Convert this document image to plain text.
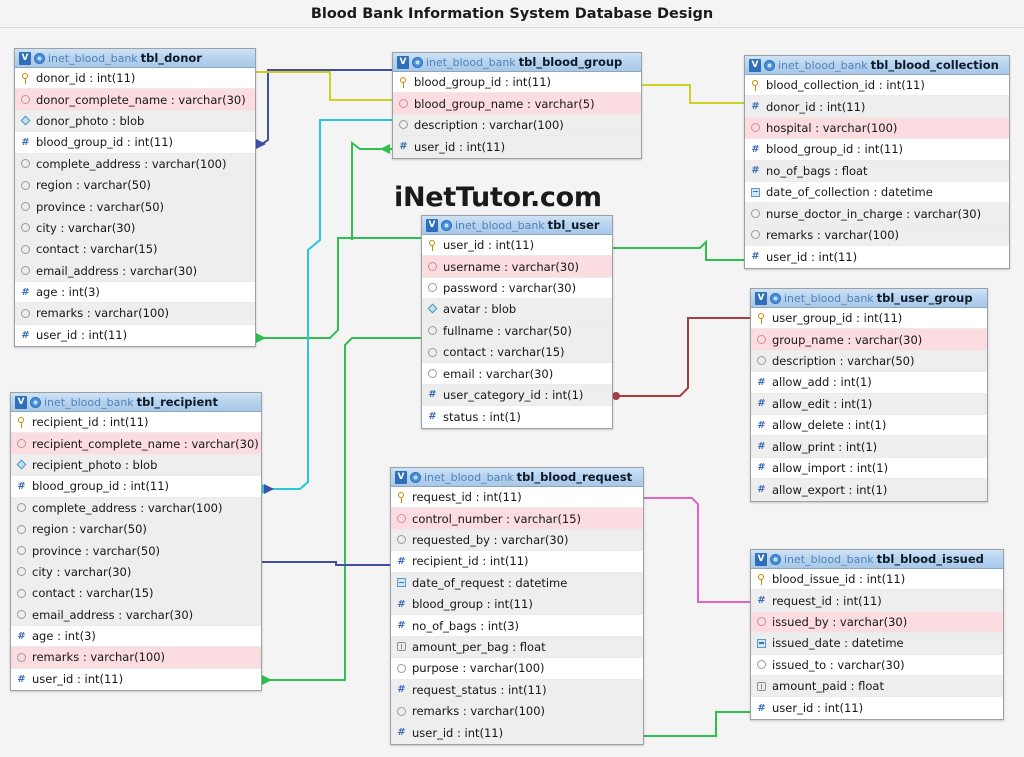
Blood Bank Information System Database Design
iNetTutor.com
V inet_blood_bank tbl_donor
donor_id : int(11)
donor_complete_name : varchar(30)
donor_photo : blob
#
blood_group_id : int(11)
complete_address : varchar(100)
region : varchar(50)
province : varchar(50)
city : varchar(30)
contact : varchar(15)
email_address : varchar(30)
#
age : int(3)
remarks : varchar(100)
#
user_id : int(11)
V inet_blood_bank tbl_recipient
recipient_id : int(11)
recipient_complete_name : varchar(30)
recipient_photo : blob
#
blood_group_id : int(11)
complete_address : varchar(100)
region : varchar(50)
province : varchar(50)
city : varchar(30)
contact : varchar(15)
email_address : varchar(30)
#
age : int(3)
remarks : varchar(100)
#
user_id : int(11)
V inet_blood_bank tbl_blood_group
blood_group_id : int(11)
blood_group_name : varchar(5)
description : varchar(100)
#
user_id : int(11)
V inet_blood_bank tbl_user
user_id : int(11)
username : varchar(30)
password : varchar(30)
avatar : blob
fullname : varchar(50)
contact : varchar(15)
email : varchar(30)
#
user_category_id : int(1)
#
status : int(1)
V inet_blood_bank tbl_blood_request
request_id : int(11)
control_number : varchar(15)
requested_by : varchar(30)
#
recipient_id : int(11)
date_of_request : datetime
#
blood_group : int(11)
#
no_of_bags : int(3)
amount_per_bag : float
purpose : varchar(100)
#
request_status : int(11)
remarks : varchar(100)
#
user_id : int(11)
V inet_blood_bank tbl_blood_collection
blood_collection_id : int(11)
#
donor_id : int(11)
hospital : varchar(100)
#
blood_group_id : int(11)
#
no_of_bags : float
date_of_collection : datetime
nurse_doctor_in_charge : varchar(30)
remarks : varchar(100)
#
user_id : int(11)
V inet_blood_bank tbl_user_group
user_group_id : int(11)
group_name : varchar(30)
description : varchar(50)
#
allow_add : int(1)
#
allow_edit : int(1)
#
allow_delete : int(1)
#
allow_print : int(1)
#
allow_import : int(1)
#
allow_export : int(1)
V inet_blood_bank tbl_blood_issued
blood_issue_id : int(11)
#
request_id : int(11)
issued_by : varchar(30)
issued_date : datetime
issued_to : varchar(30)
amount_paid : float
#
user_id : int(11)
